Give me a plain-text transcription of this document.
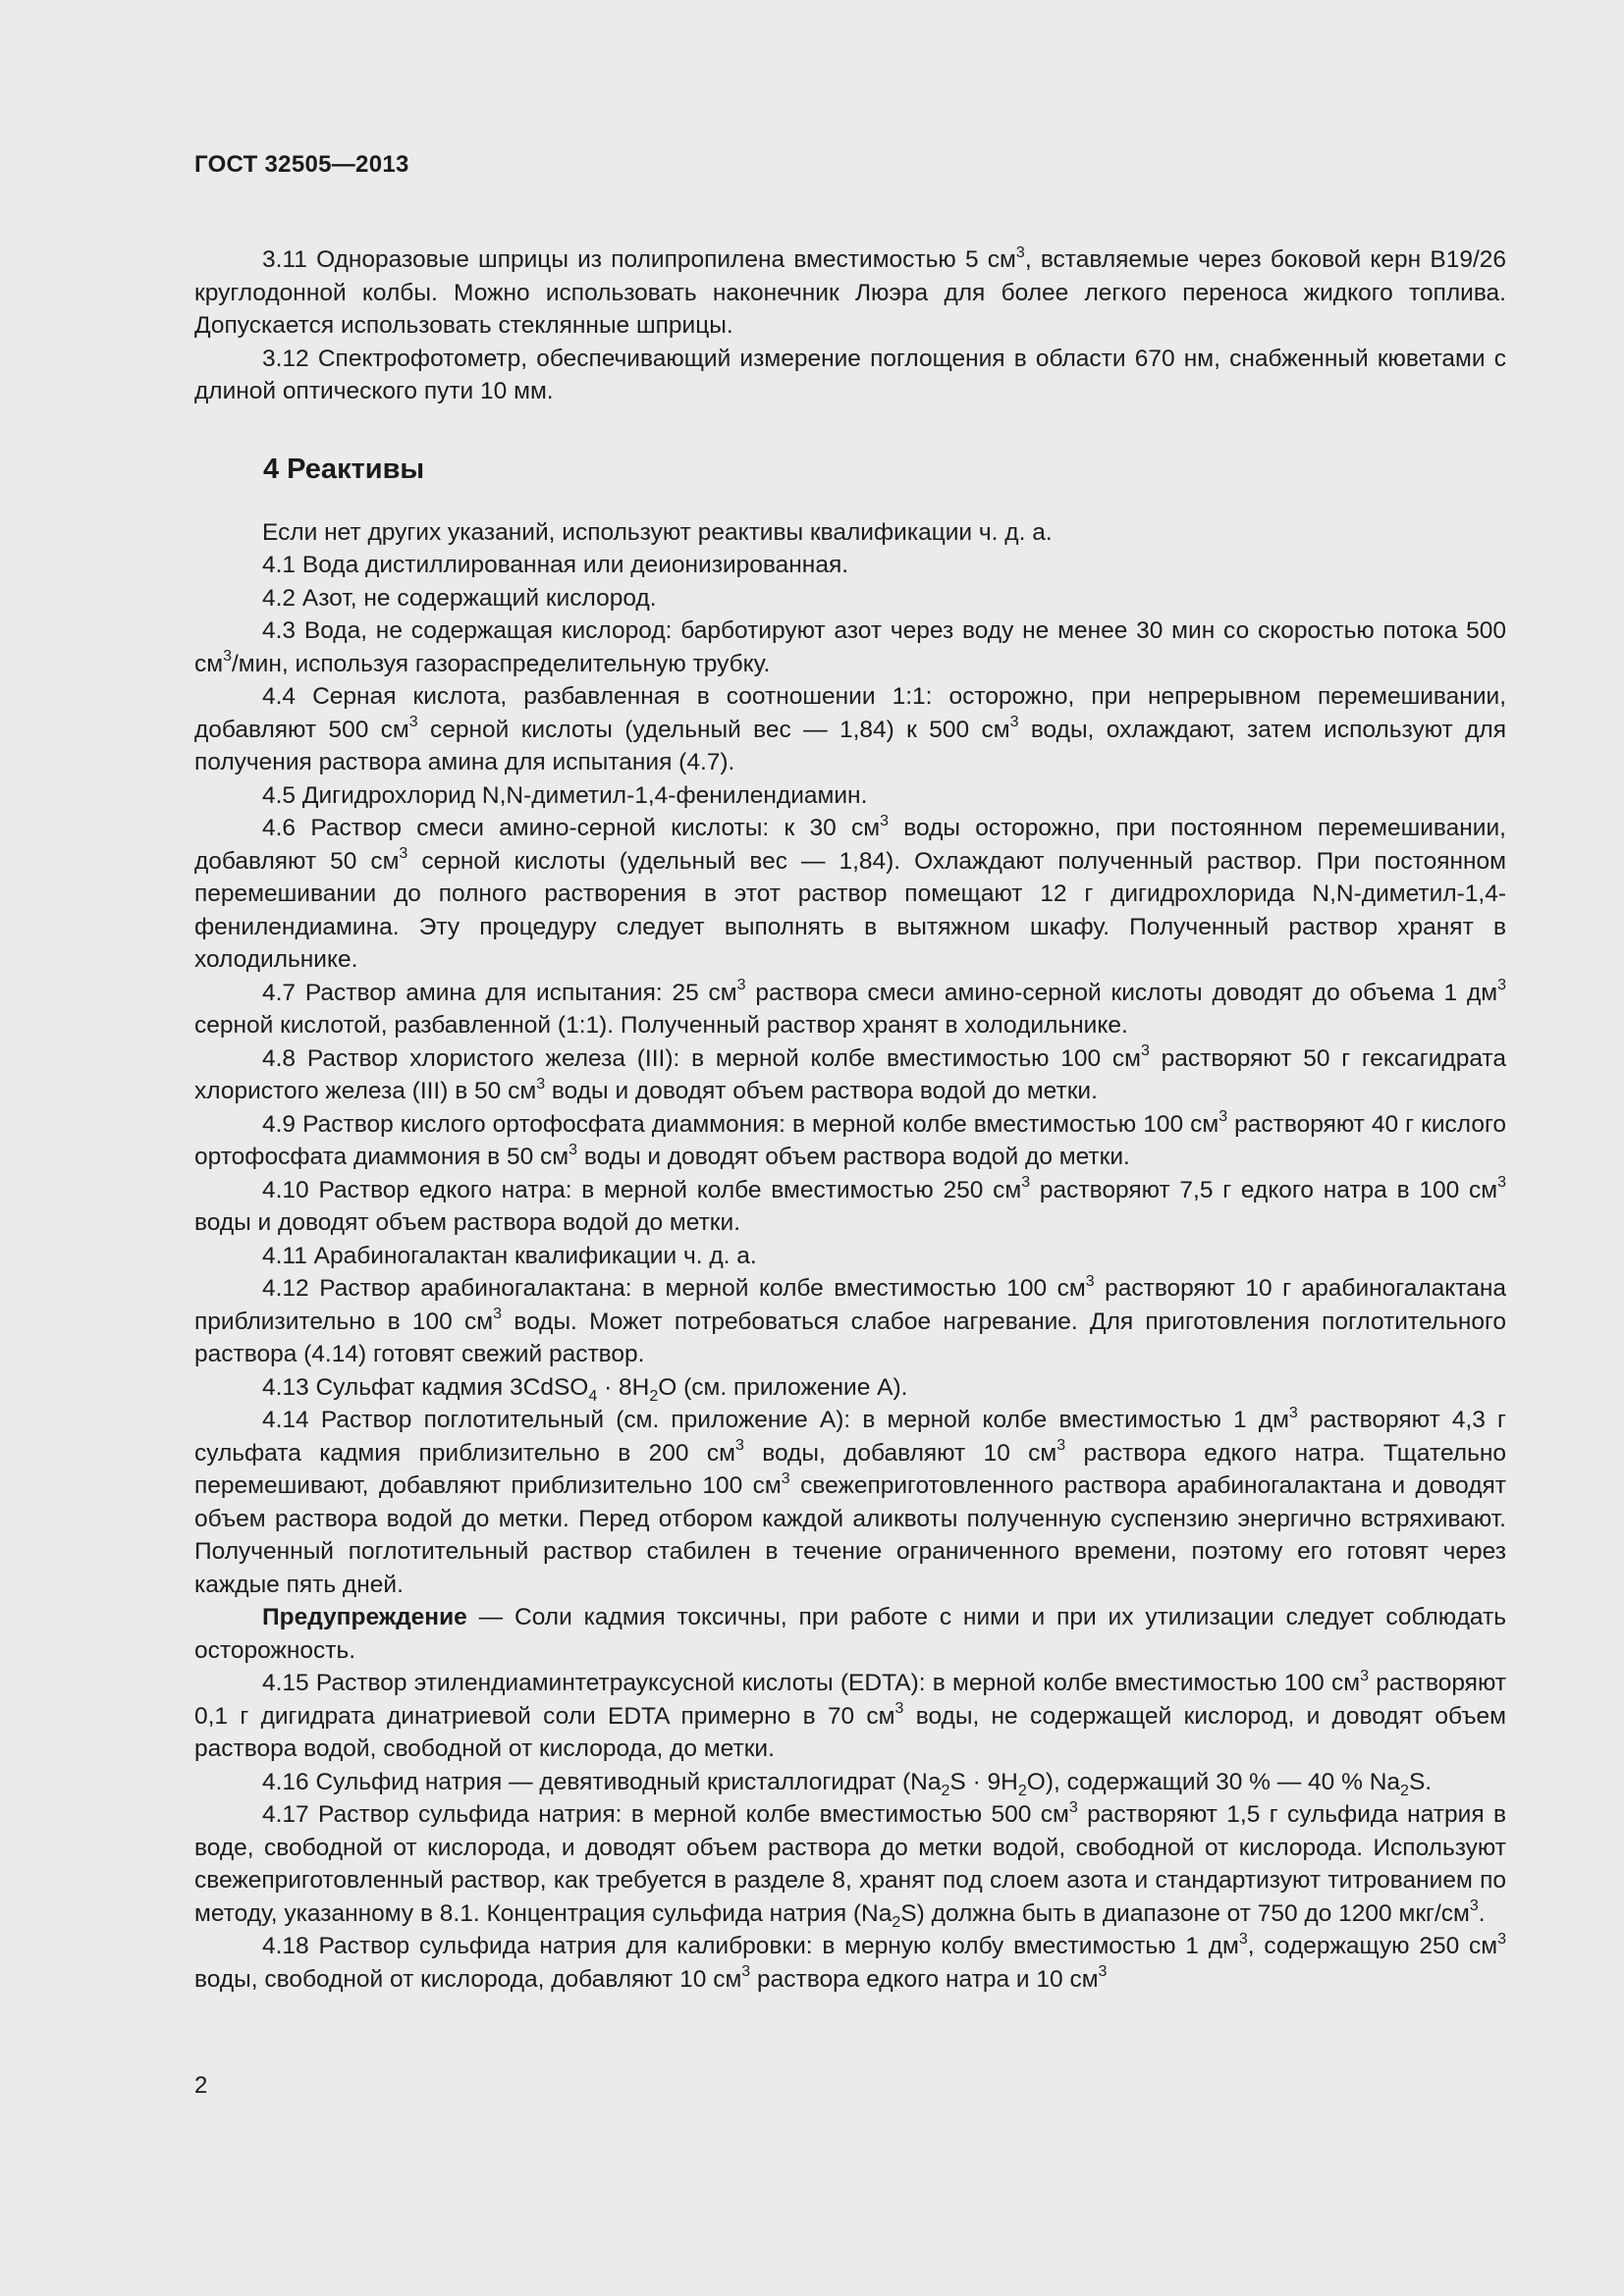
ГОСТ 32505—2013

3.11 Одноразовые шприцы из полипропилена вместимостью 5 $см^3$, вставляемые через боковой керн В19/26 круглодонной колбы. Можно использовать наконечник Люэра для более легкого переноса жидкого топлива. Допускается использовать стеклянные шприцы.

3.12 Спектрофотометр, обеспечивающий измерение поглощения в области 670 нм, снабженный кюветами с длиной оптического пути 10 мм.

4 Реактивы

Если нет других указаний, используют реактивы квалификации ч. д. а.

4.1 Вода дистиллированная или деионизированная.

4.2 Азот, не содержащий кислород.

4.3 Вода, не содержащая кислород: барботируют азот через воду не менее 30 мин со скоростью потока 500 $см^3$/мин, используя газораспределительную трубку.

4.4 Серная кислота, разбавленная в соотношении 1:1: осторожно, при непрерывном перемешивании, добавляют 500 $см^3$ серной кислоты (удельный вес — 1,84) к 500 $см^3$ воды, охлаждают, затем используют для получения раствора амина для испытания (4.7).

4.5 Дигидрохлорид N,N-диметил-1,4-фенилендиамин.

4.6 Раствор смеси амино-серной кислоты: к 30 $см^3$ воды осторожно, при постоянном перемешивании, добавляют 50 $см^3$ серной кислоты (удельный вес — 1,84). Охлаждают полученный раствор. При постоянном перемешивании до полного растворения в этот раствор помещают 12 г дигидрохлорида N,N-диметил-1,4-фенилендиамина. Эту процедуру следует выполнять в вытяжном шкафу. Полученный раствор хранят в холодильнике.

4.7 Раствор амина для испытания: 25 $см^3$ раствора смеси амино-серной кислоты доводят до объема 1 $дм^3$ серной кислотой, разбавленной (1:1). Полученный раствор хранят в холодильнике.

4.8 Раствор хлористого железа (III): в мерной колбе вместимостью 100 $см^3$ растворяют 50 г гексагидрата хлористого железа (III) в 50 $см^3$ воды и доводят объем раствора водой до метки.

4.9 Раствор кислого ортофосфата диаммония: в мерной колбе вместимостью 100 $см^3$ растворяют 40 г кислого ортофосфата диаммония в 50 $см^3$ воды и доводят объем раствора водой до метки.

4.10 Раствор едкого натра: в мерной колбе вместимостью 250 $см^3$ растворяют 7,5 г едкого натра в 100 $см^3$ воды и доводят объем раствора водой до метки.

4.11 Арабиногалактан квалификации ч. д. а.

4.12 Раствор арабиногалактана: в мерной колбе вместимостью 100 $см^3$ растворяют 10 г арабиногалактана приблизительно в 100 $см^3$ воды. Может потребоваться слабое нагревание. Для приготовления поглотительного раствора (4.14) готовят свежий раствор.

4.13 Сульфат кадмия 3CdSO$_4$ · $8H_2O$ (см. приложение А).

4.14 Раствор поглотительный (см. приложение А): в мерной колбе вместимостью 1 $дм^3$ растворяют 4,3 г сульфата кадмия приблизительно в 200 $см^3$ воды, добавляют 10 $см^3$ раствора едкого натра. Тщательно перемешивают, добавляют приблизительно 100 $см^3$ свежеприготовленного раствора арабиногалактана и доводят объем раствора водой до метки. Перед отбором каждой аликвоты полученную суспензию энергично встряхивают. Полученный поглотительный раствор стабилен в течение ограниченного времени, поэтому его готовят через каждые пять дней.

Предупреждение — Соли кадмия токсичны, при работе с ними и при их утилизации следует соблюдать осторожность.

4.15 Раствор этилендиаминтетрауксусной кислоты (EDTA): в мерной колбе вместимостью 100 $см^3$ растворяют 0,1 г дигидрата динатриевой соли EDTA примерно в 70 $см^3$ воды, не содержащей кислород, и доводят объем раствора водой, свободной от кислорода, до метки.

4.16 Сульфид натрия — девятиводный кристаллогидрат $(Na_2S \cdot 9H_2O)$, содержащий 30 % — 40 % $Na_2S$.

4.17 Раствор сульфида натрия: в мерной колбе вместимостью 500 $см^3$ растворяют 1,5 г сульфида натрия в воде, свободной от кислорода, и доводят объем раствора до метки водой, свободной от кислорода. Используют свежеприготовленный раствор, как требуется в разделе 8, хранят под слоем азота и стандартизуют титрованием по методу, указанному в 8.1. Концентрация сульфида натрия $(Na_2S)$ должна быть в диапазоне от 750 до 1200 мкг/$см^3$.

4.18 Раствор сульфида натрия для калибровки: в мерную колбу вместимостью 1 $дм^3$, содержащую 250 $см^3$ воды, свободной от кислорода, добавляют 10 $см^3$ раствора едкого натра и 10 $см^3$

2
